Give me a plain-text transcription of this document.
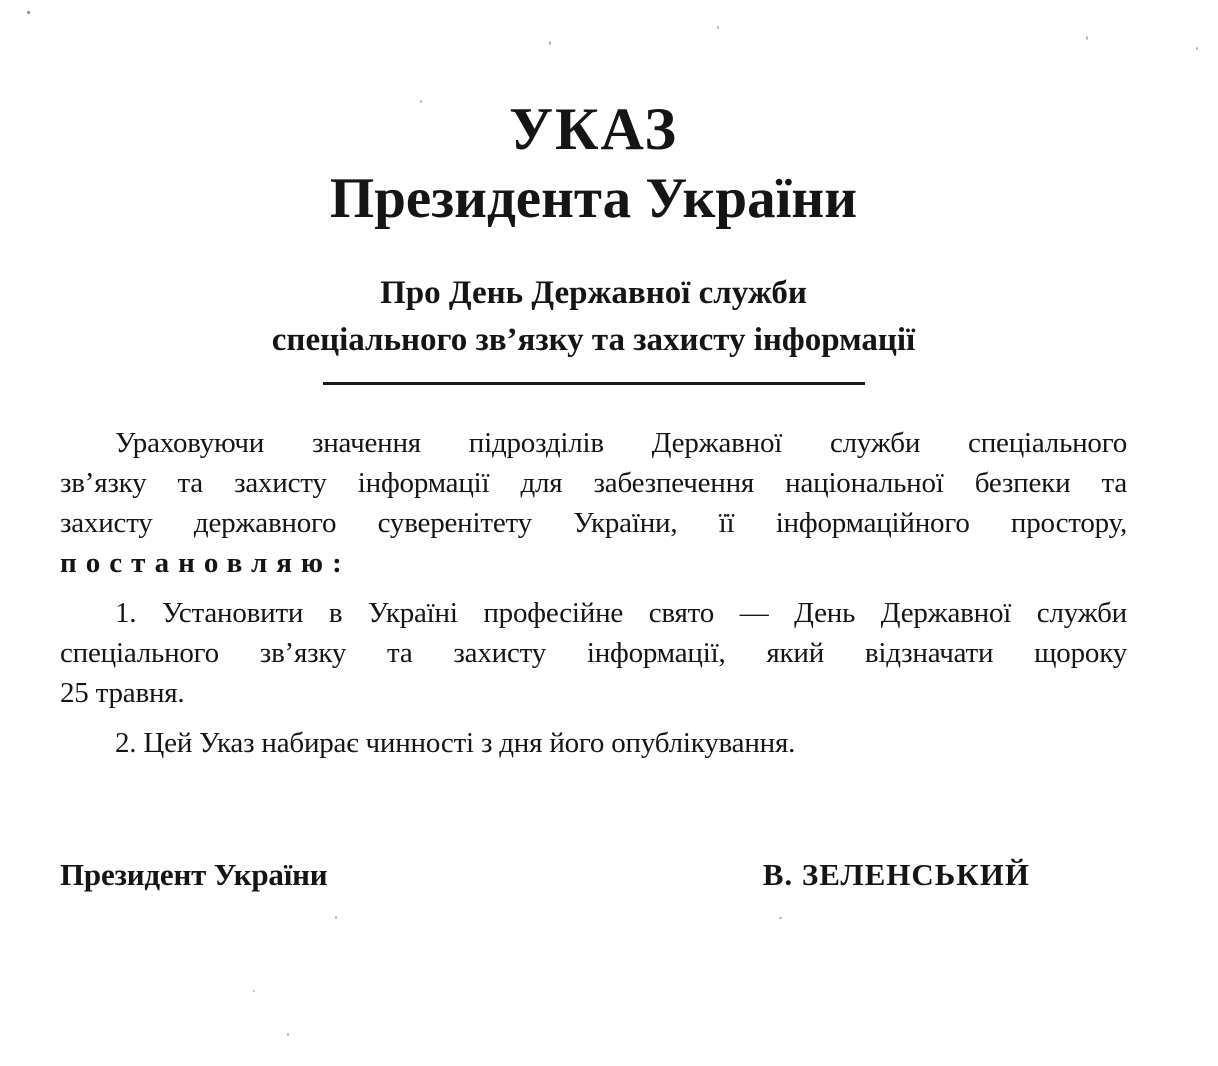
УКАЗ
Президента України
Про День Державної служби
спеціального зв’язку та захисту інформації
Ураховуючи значення підрозділів Державної служби спеціального
зв’язку та захисту інформації для забезпечення національної безпеки та
захисту державного суверенітету України, її інформаційного простору,
постановляю:
1. Установити в Україні професійне свято — День Державної служби
спеціального зв’язку та захисту інформації, який відзначати щороку
25 травня.
2. Цей Указ набирає чинності з дня його опублікування.
Президент України	В. ЗЕЛЕНСЬКИЙ
